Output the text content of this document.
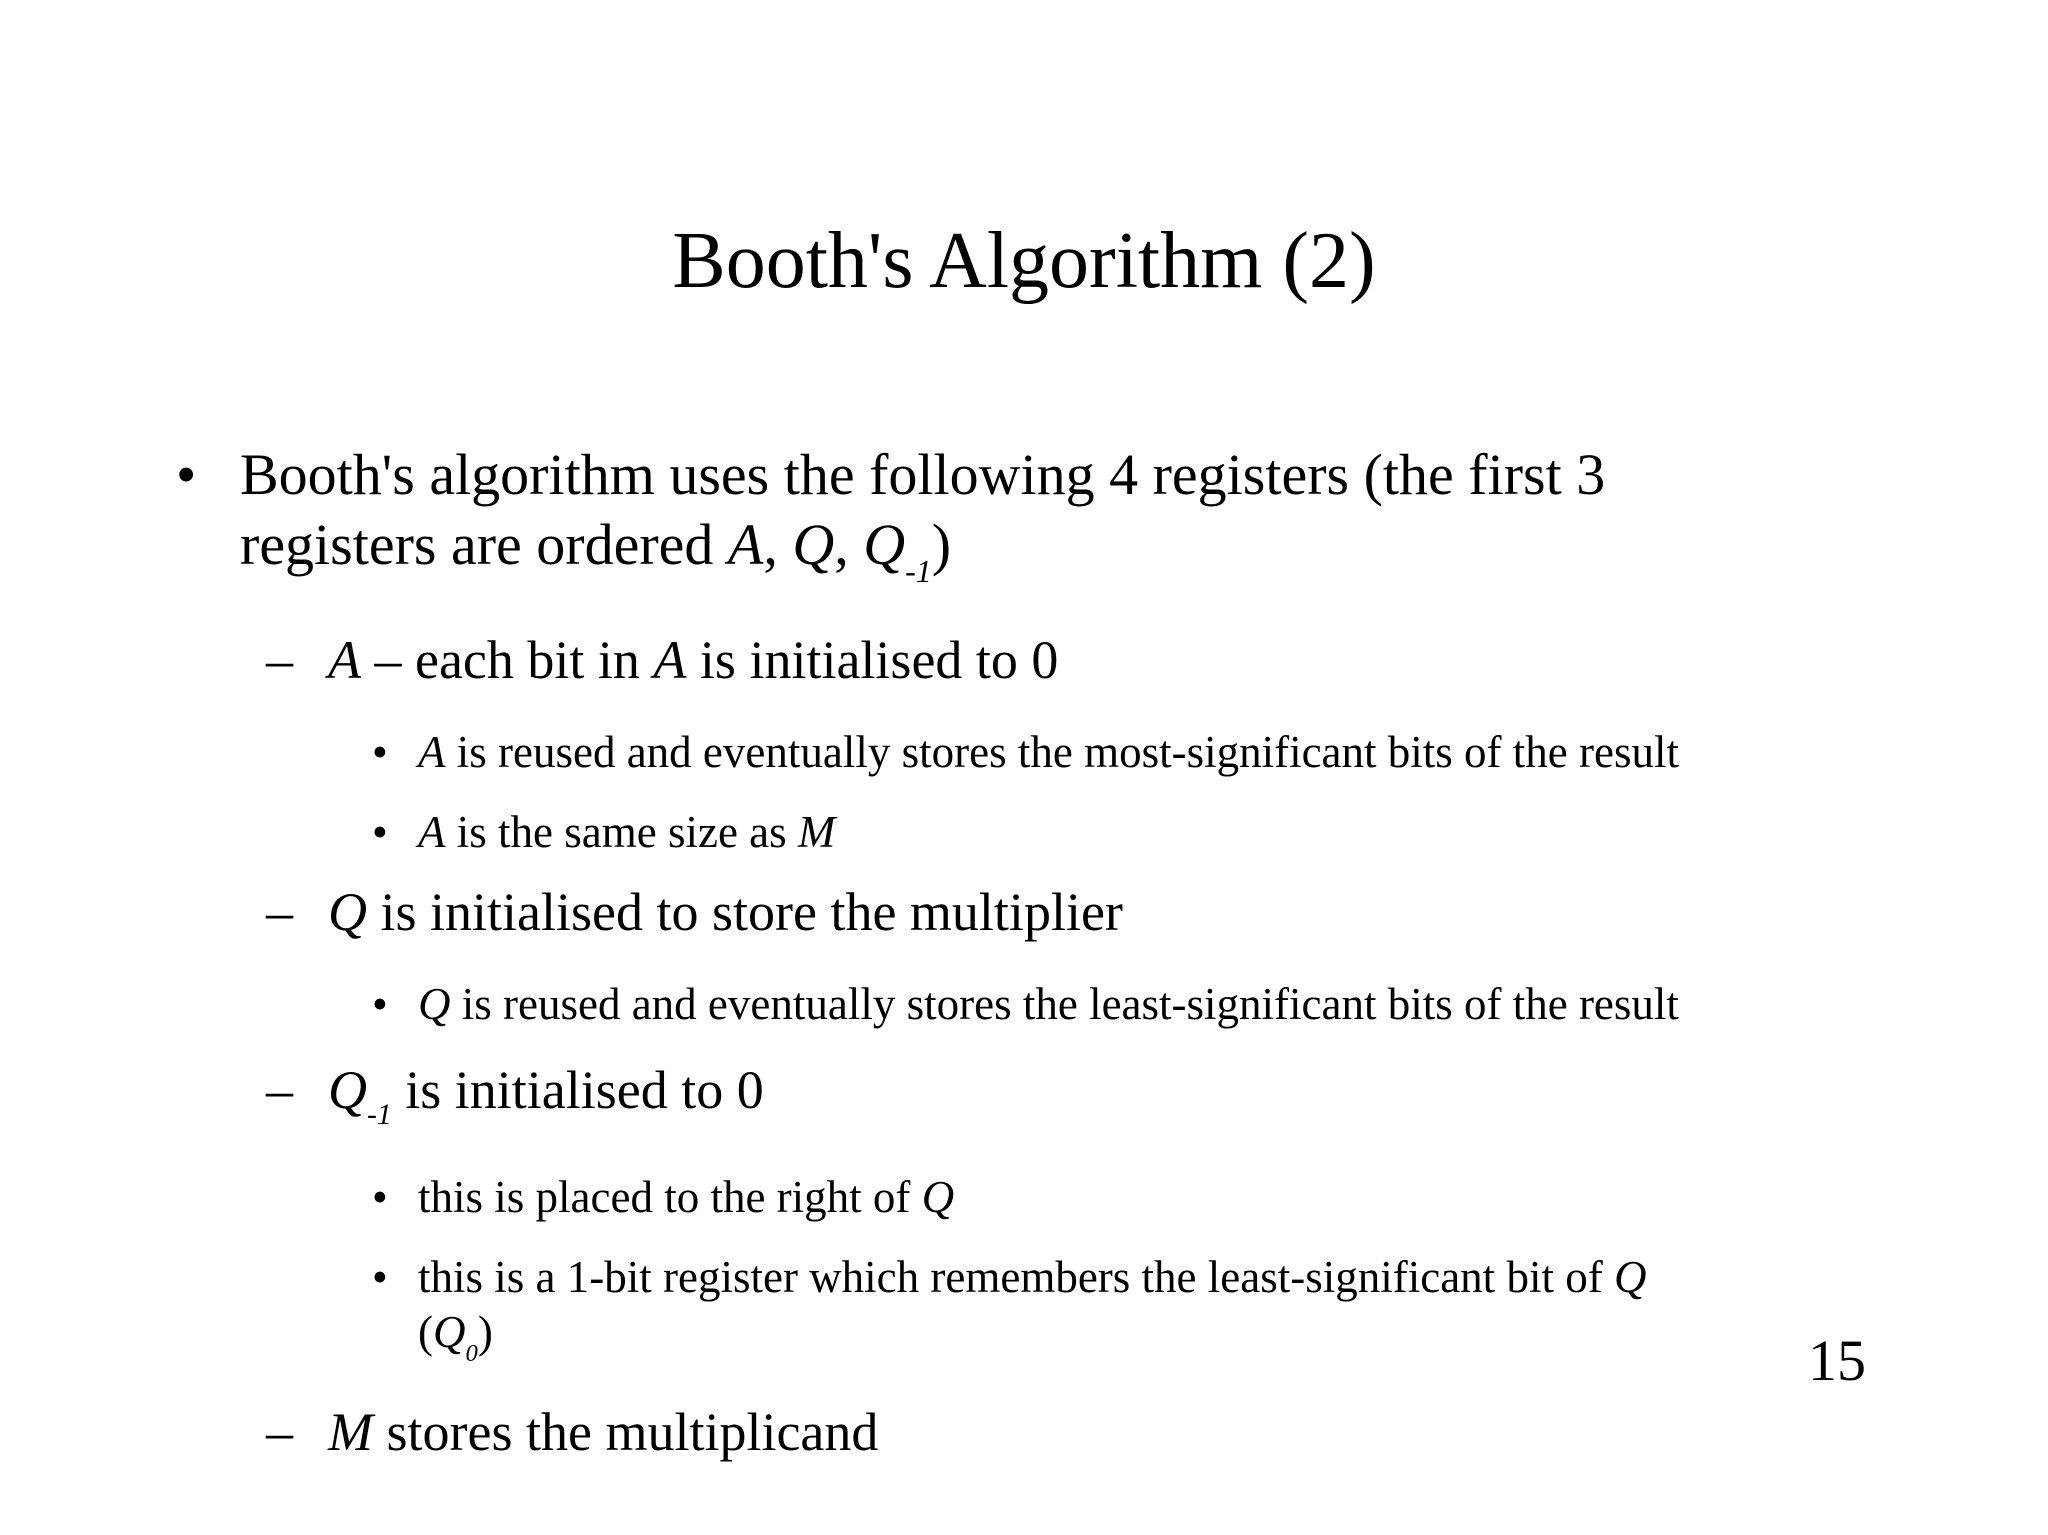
Booth's Algorithm (2)
• Booth's algorithm uses the following 4 registers (the first 3
registers are ordered A, Q, $Q_{-1}$)
– A – each bit in A is initialised to 0
• A is reused and eventually stores the most-significant bits of the result
• A is the same size as M
– Q is initialised to store the multiplier
• Q is reused and eventually stores the least-significant bits of the result
– $Q_{-1}$ is initialised to 0
• this is placed to the right of Q
• this is a 1-bit register which remembers the least-significant bit of Q
$(Q_0)$
– M stores the multiplicand
15
